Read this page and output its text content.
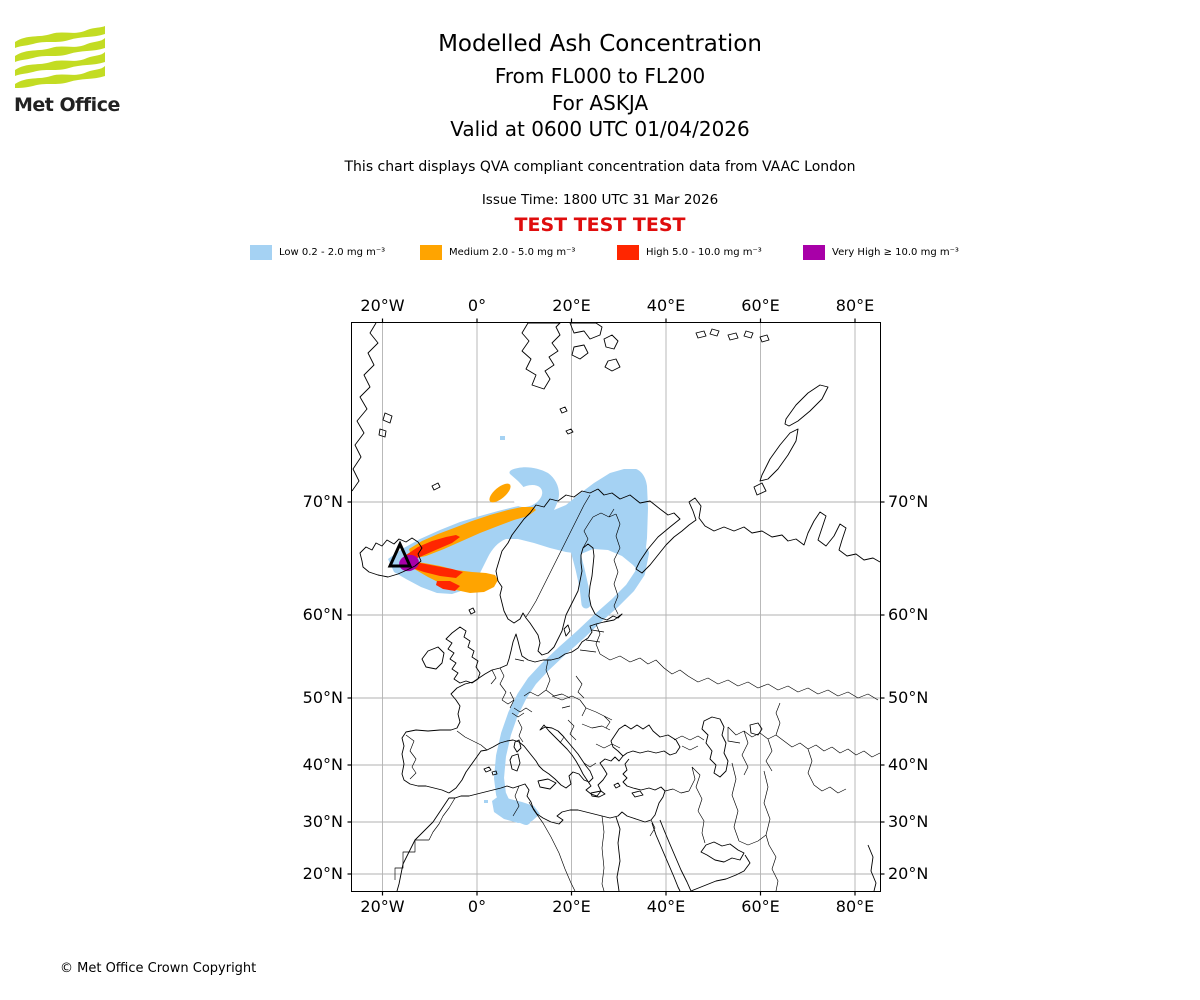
Met Office
Modelled Ash Concentration
From FL000 to FL200
For ASKJA
Valid at 0600 UTC 01/04/2026
This chart displays QVA compliant concentration data from VAAC London
Issue Time: 1800 UTC 31 Mar 2026
TEST TEST TEST
Low 0.2 - 2.0 mg m⁻³	Medium 2.0 - 5.0 mg m⁻³	High 5.0 - 10.0 mg m⁻³	Very High ≥ 10.0 mg m⁻³
20°W	0°	20°E	40°E	60°E	80°E
20°W	0°	20°E	40°E	60°E	80°E
70°N
60°N
50°N
40°N
30°N
20°N
70°N
60°N
50°N
40°N
30°N
20°N
© Met Office Crown Copyright
